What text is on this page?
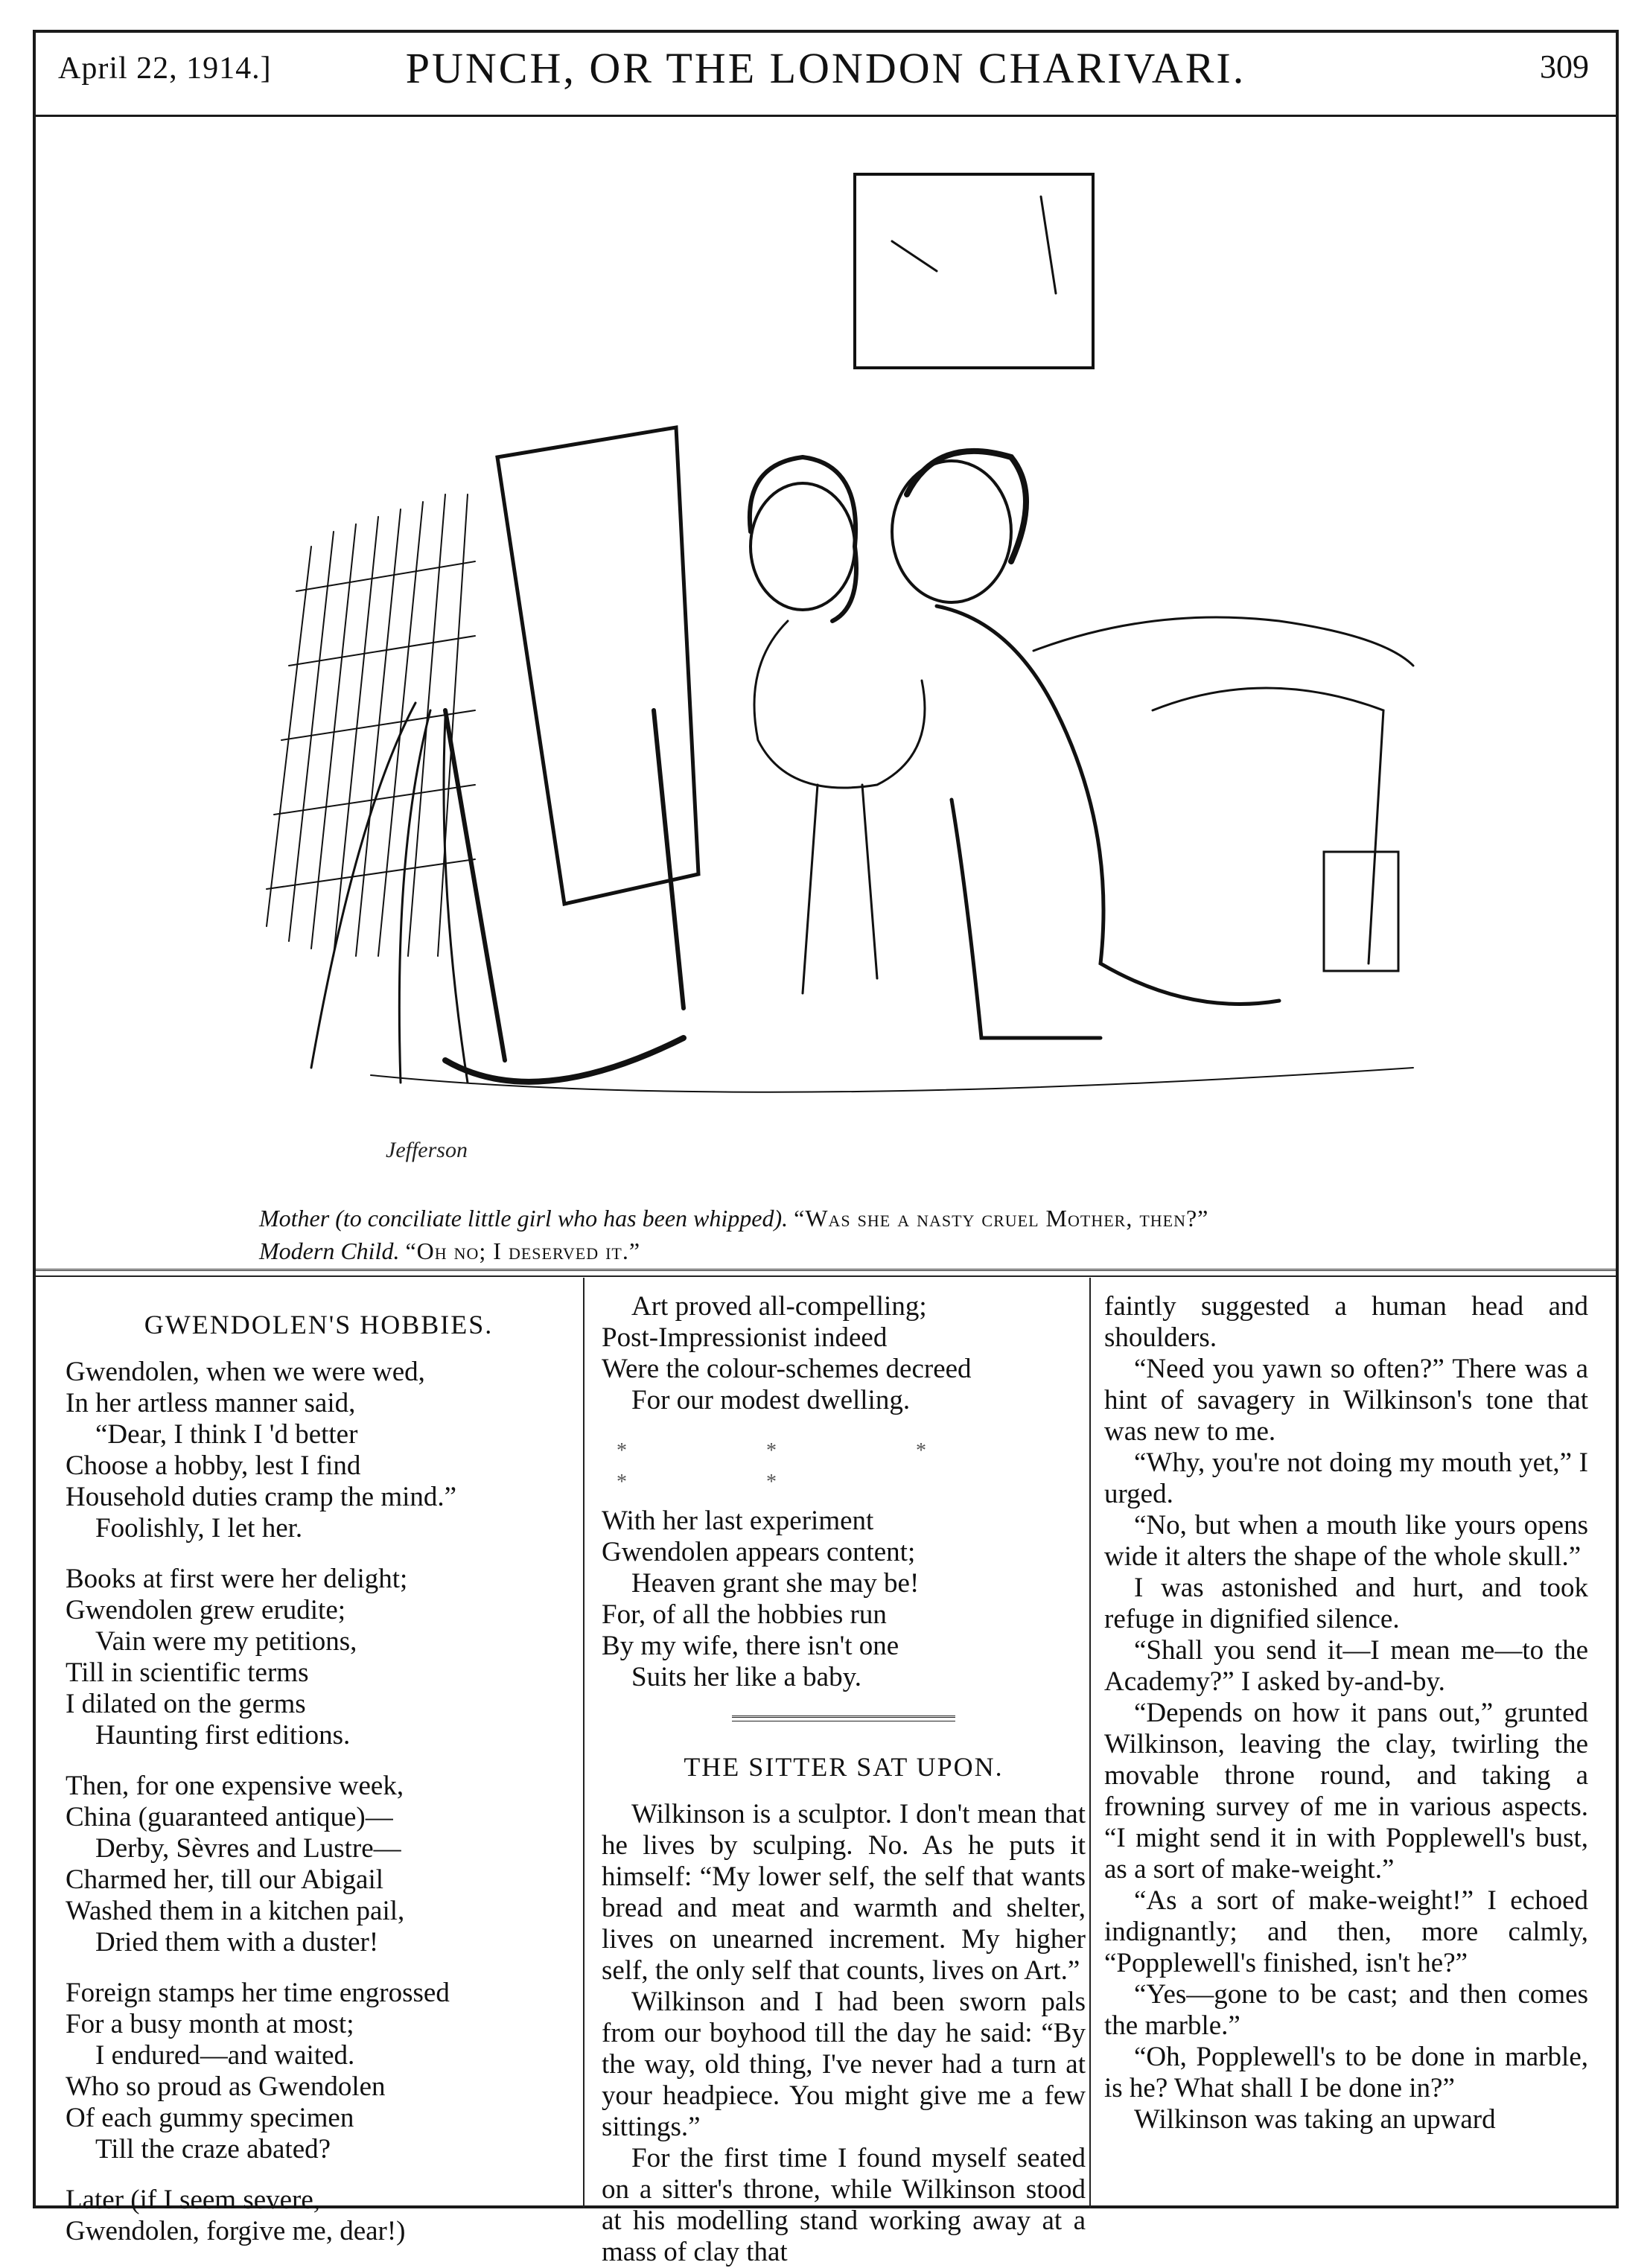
April 22, 1914.]	PUNCH, OR THE LONDON CHARIVARI.	309
Jefferson
Mother (to conciliate little girl who has been whipped). “Was she a nasty cruel Mother, then?”
Modern Child. “Oh no; I deserved it.”
GWENDOLEN'S HOBBIES.
Gwendolen, when we were wed,
In her artless manner said,
“Dear, I think I 'd better
Choose a hobby, lest I find
Household duties cramp the mind.”
Foolishly, I let her.
Books at first were her delight;
Gwendolen grew erudite;
Vain were my petitions,
Till in scientific terms
I dilated on the germs
Haunting first editions.
Then, for one expensive week,
China (guaranteed antique)—
Derby, Sèvres and Lustre—
Charmed her, till our Abigail
Washed them in a kitchen pail,
Dried them with a duster!
Foreign stamps her time engrossed
For a busy month at most;
I endured—and waited.
Who so proud as Gwendolen
Of each gummy specimen
Till the craze abated?
Later (if I seem severe,
Gwendolen, forgive me, dear!)
Art proved all-compelling;
Post-Impressionist indeed
Were the colour-schemes decreed
For our modest dwelling.
* * * * *
With her last experiment
Gwendolen appears content;
Heaven grant she may be!
For, of all the hobbies run
By my wife, there isn't one
Suits her like a baby.
THE SITTER SAT UPON.

Wilkinson is a sculptor. I don't mean that he lives by sculping. No. As he puts it himself: “My lower self, the self that wants bread and meat and warmth and shelter, lives on unearned increment. My higher self, the only self that counts, lives on Art.”

Wilkinson and I had been sworn pals from our boyhood till the day he said: “By the way, old thing, I've never had a turn at your headpiece. You might give me a few sittings.”

For the first time I found myself seated on a sitter's throne, while Wilkinson stood at his modelling stand working away at a mass of clay that

faintly suggested a human head and shoulders.

“Need you yawn so often?” There was a hint of savagery in Wilkinson's tone that was new to me.

“Why, you're not doing my mouth yet,” I urged.

“No, but when a mouth like yours opens wide it alters the shape of the whole skull.”

I was astonished and hurt, and took refuge in dignified silence.

“Shall you send it—I mean me—to the Academy?” I asked by-and-by.

“Depends on how it pans out,” grunted Wilkinson, leaving the clay, twirling the movable throne round, and taking a frowning survey of me in various aspects. “I might send it in with Popplewell's bust, as a sort of make-weight.”

“As a sort of make-weight!” I echoed indignantly; and then, more calmly, “Popplewell's finished, isn't he?”

“Yes—gone to be cast; and then comes the marble.”

“Oh, Popplewell's to be done in marble, is he? What shall I be done in?”

Wilkinson was taking an upward
